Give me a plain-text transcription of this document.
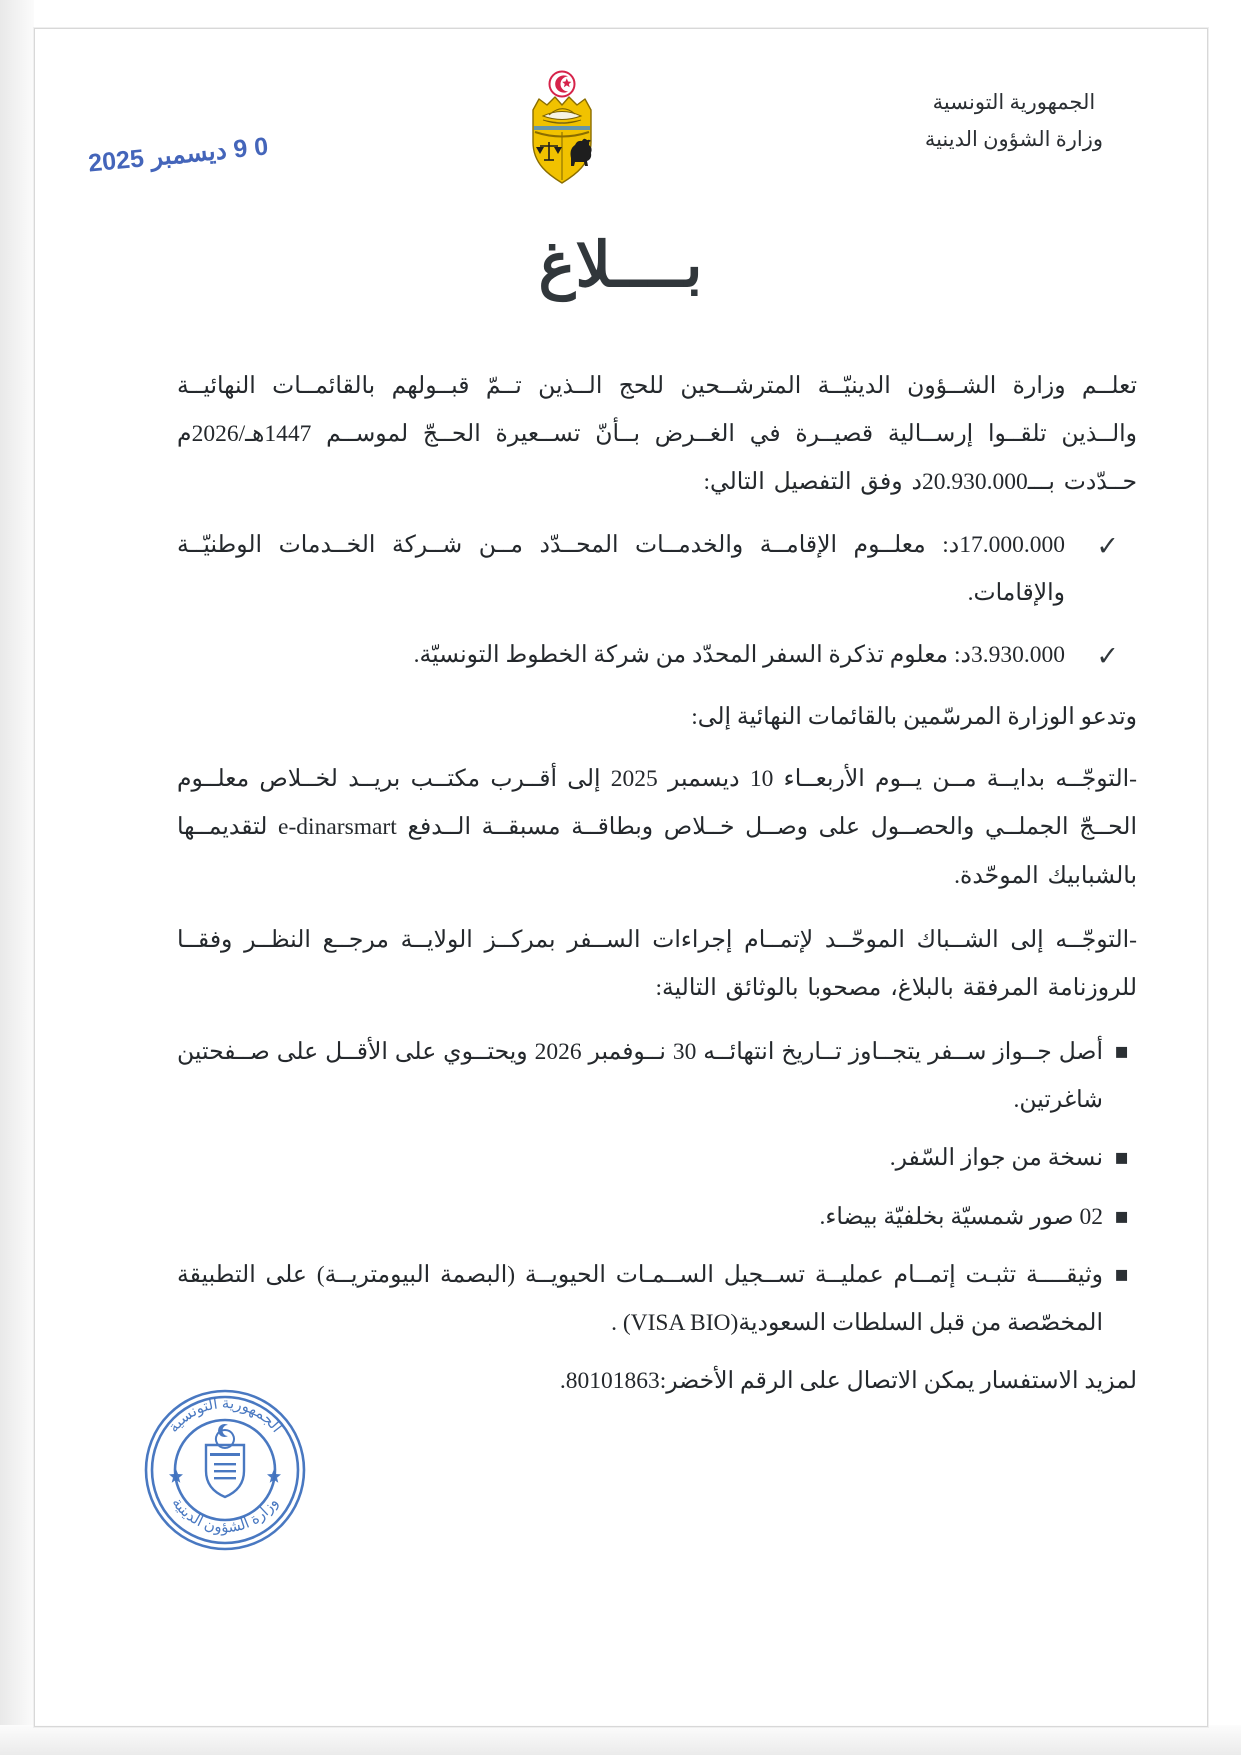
الجمهورية التونسية
وزارة الشؤون الدينية
0 9 ديسمبر 2025
بــــلاغ

تعلــم وزارة الشــؤون الدينيّــة المترشــحين للحج الــذين تــمّ قبــولهم بالقائمــات النهائيــة والــذين تلقــوا إرســالية قصيــرة في الغــرض بــأنّ تســعيرة الحــجّ لموســم 1447هـ/2026م حــدّدت بـــ20.930.000د وفق التفصيل التالي:

✓ 17.000.000د: معلــوم الإقامــة والخدمــات المحــدّد مــن شــركة الخــدمات الوطنيّــة والإقامات.
✓ 3.930.000د: معلوم تذكرة السفر المحدّد من شركة الخطوط التونسيّة.

وتدعو الوزارة المرسّمين بالقائمات النهائية إلى:

-التوجّــه بدايــة مــن يــوم الأربعــاء 10 ديسمبر 2025 إلى أقــرب مكتــب بريــد لخــلاص معلــوم الحــجّ الجملــي والحصــول على وصــل خــلاص وبطاقــة مسبقــة الــدفع e-dinarsmart لتقديمــها بالشبابيك الموحّدة.

-التوجّــه إلى الشــباك الموحّــد لإتمــام إجراءات الســفر بمركــز الولايــة مرجــع النظــر وفقــا للروزنامة المرفقة بالبلاغ، مصحوبا بالوثائق التالية:

▪ أصل جــواز ســفر يتجــاوز تــاريخ انتهائــه 30 نــوفمبر 2026 ويحتــوي على الأقــل على صــفحتين شاغرتين.
▪ نسخة من جواز السّفر.
▪ 02 صور شمسيّة بخلفيّة بيضاء.
▪ وثيقــــة تثبـت إتمــام عمليــة تســجيل الســمـات الحيويــة (البصمة البيومتريــة) على التطبيقة المخصّصة من قبل السلطات السعودية(VISA BIO) .

لمزيد الاستفسار يمكن الاتصال على الرقم الأخضر:80101863.

الجمهورية التونسية
وزارة الشؤون الدينية
